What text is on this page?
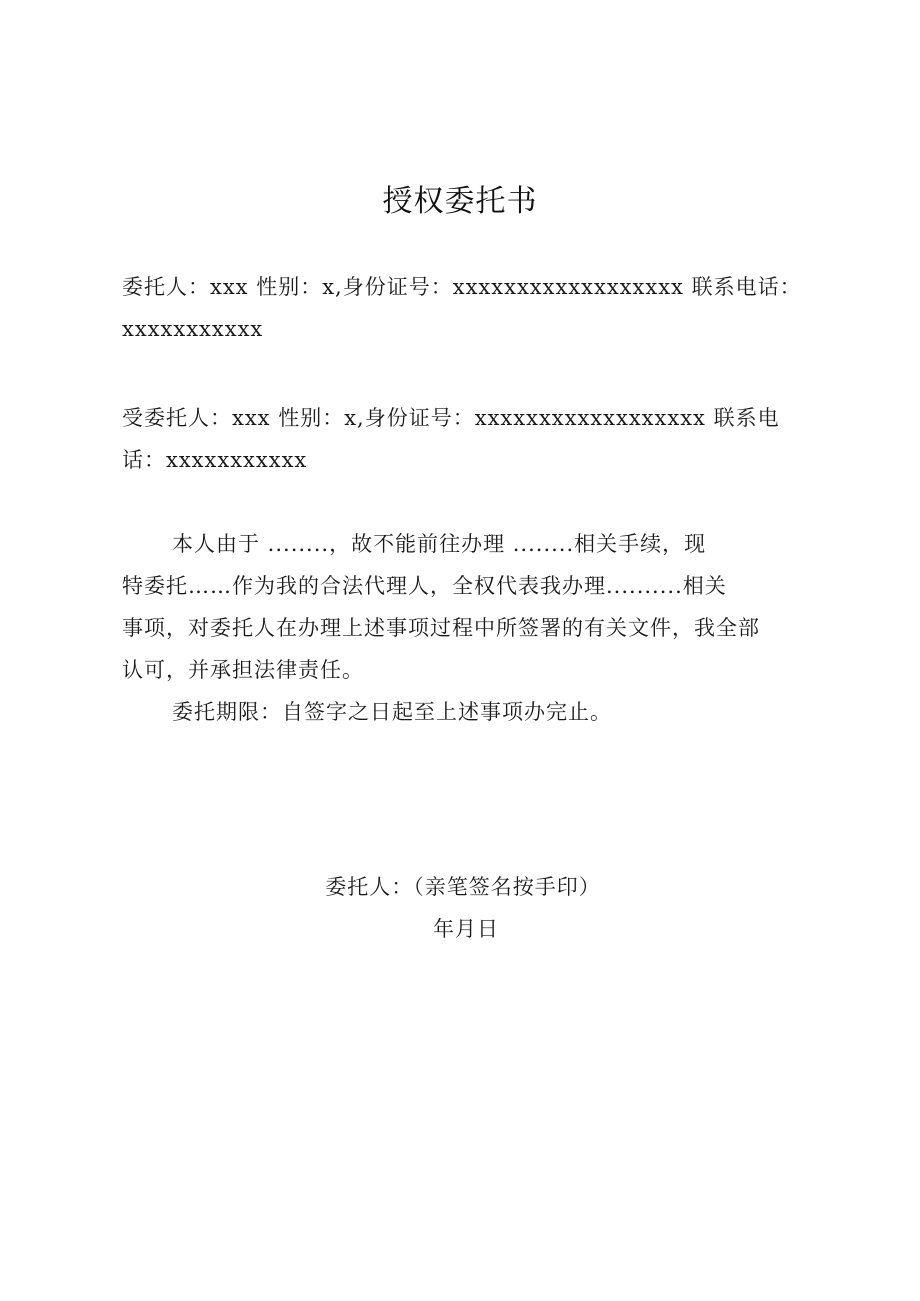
授权委托书
委托人：xxx 性别：x,身份证号：xxxxxxxxxxxxxxxxxx 联系电话：
xxxxxxxxxxx
受委托人：xxx 性别：x,身份证号：xxxxxxxxxxxxxxxxxx 联系电
话：xxxxxxxxxxx
本人由于 ........，故不能前往办理 ........相关手续，现
特委托……作为我的合法代理人，全权代表我办理..........相关
事项，对委托人在办理上述事项过程中所签署的有关文件，我全部
认可，并承担法律责任。
委托期限：自签字之日起至上述事项办完止。
委托人：（亲笔签名按手印）
年月日
